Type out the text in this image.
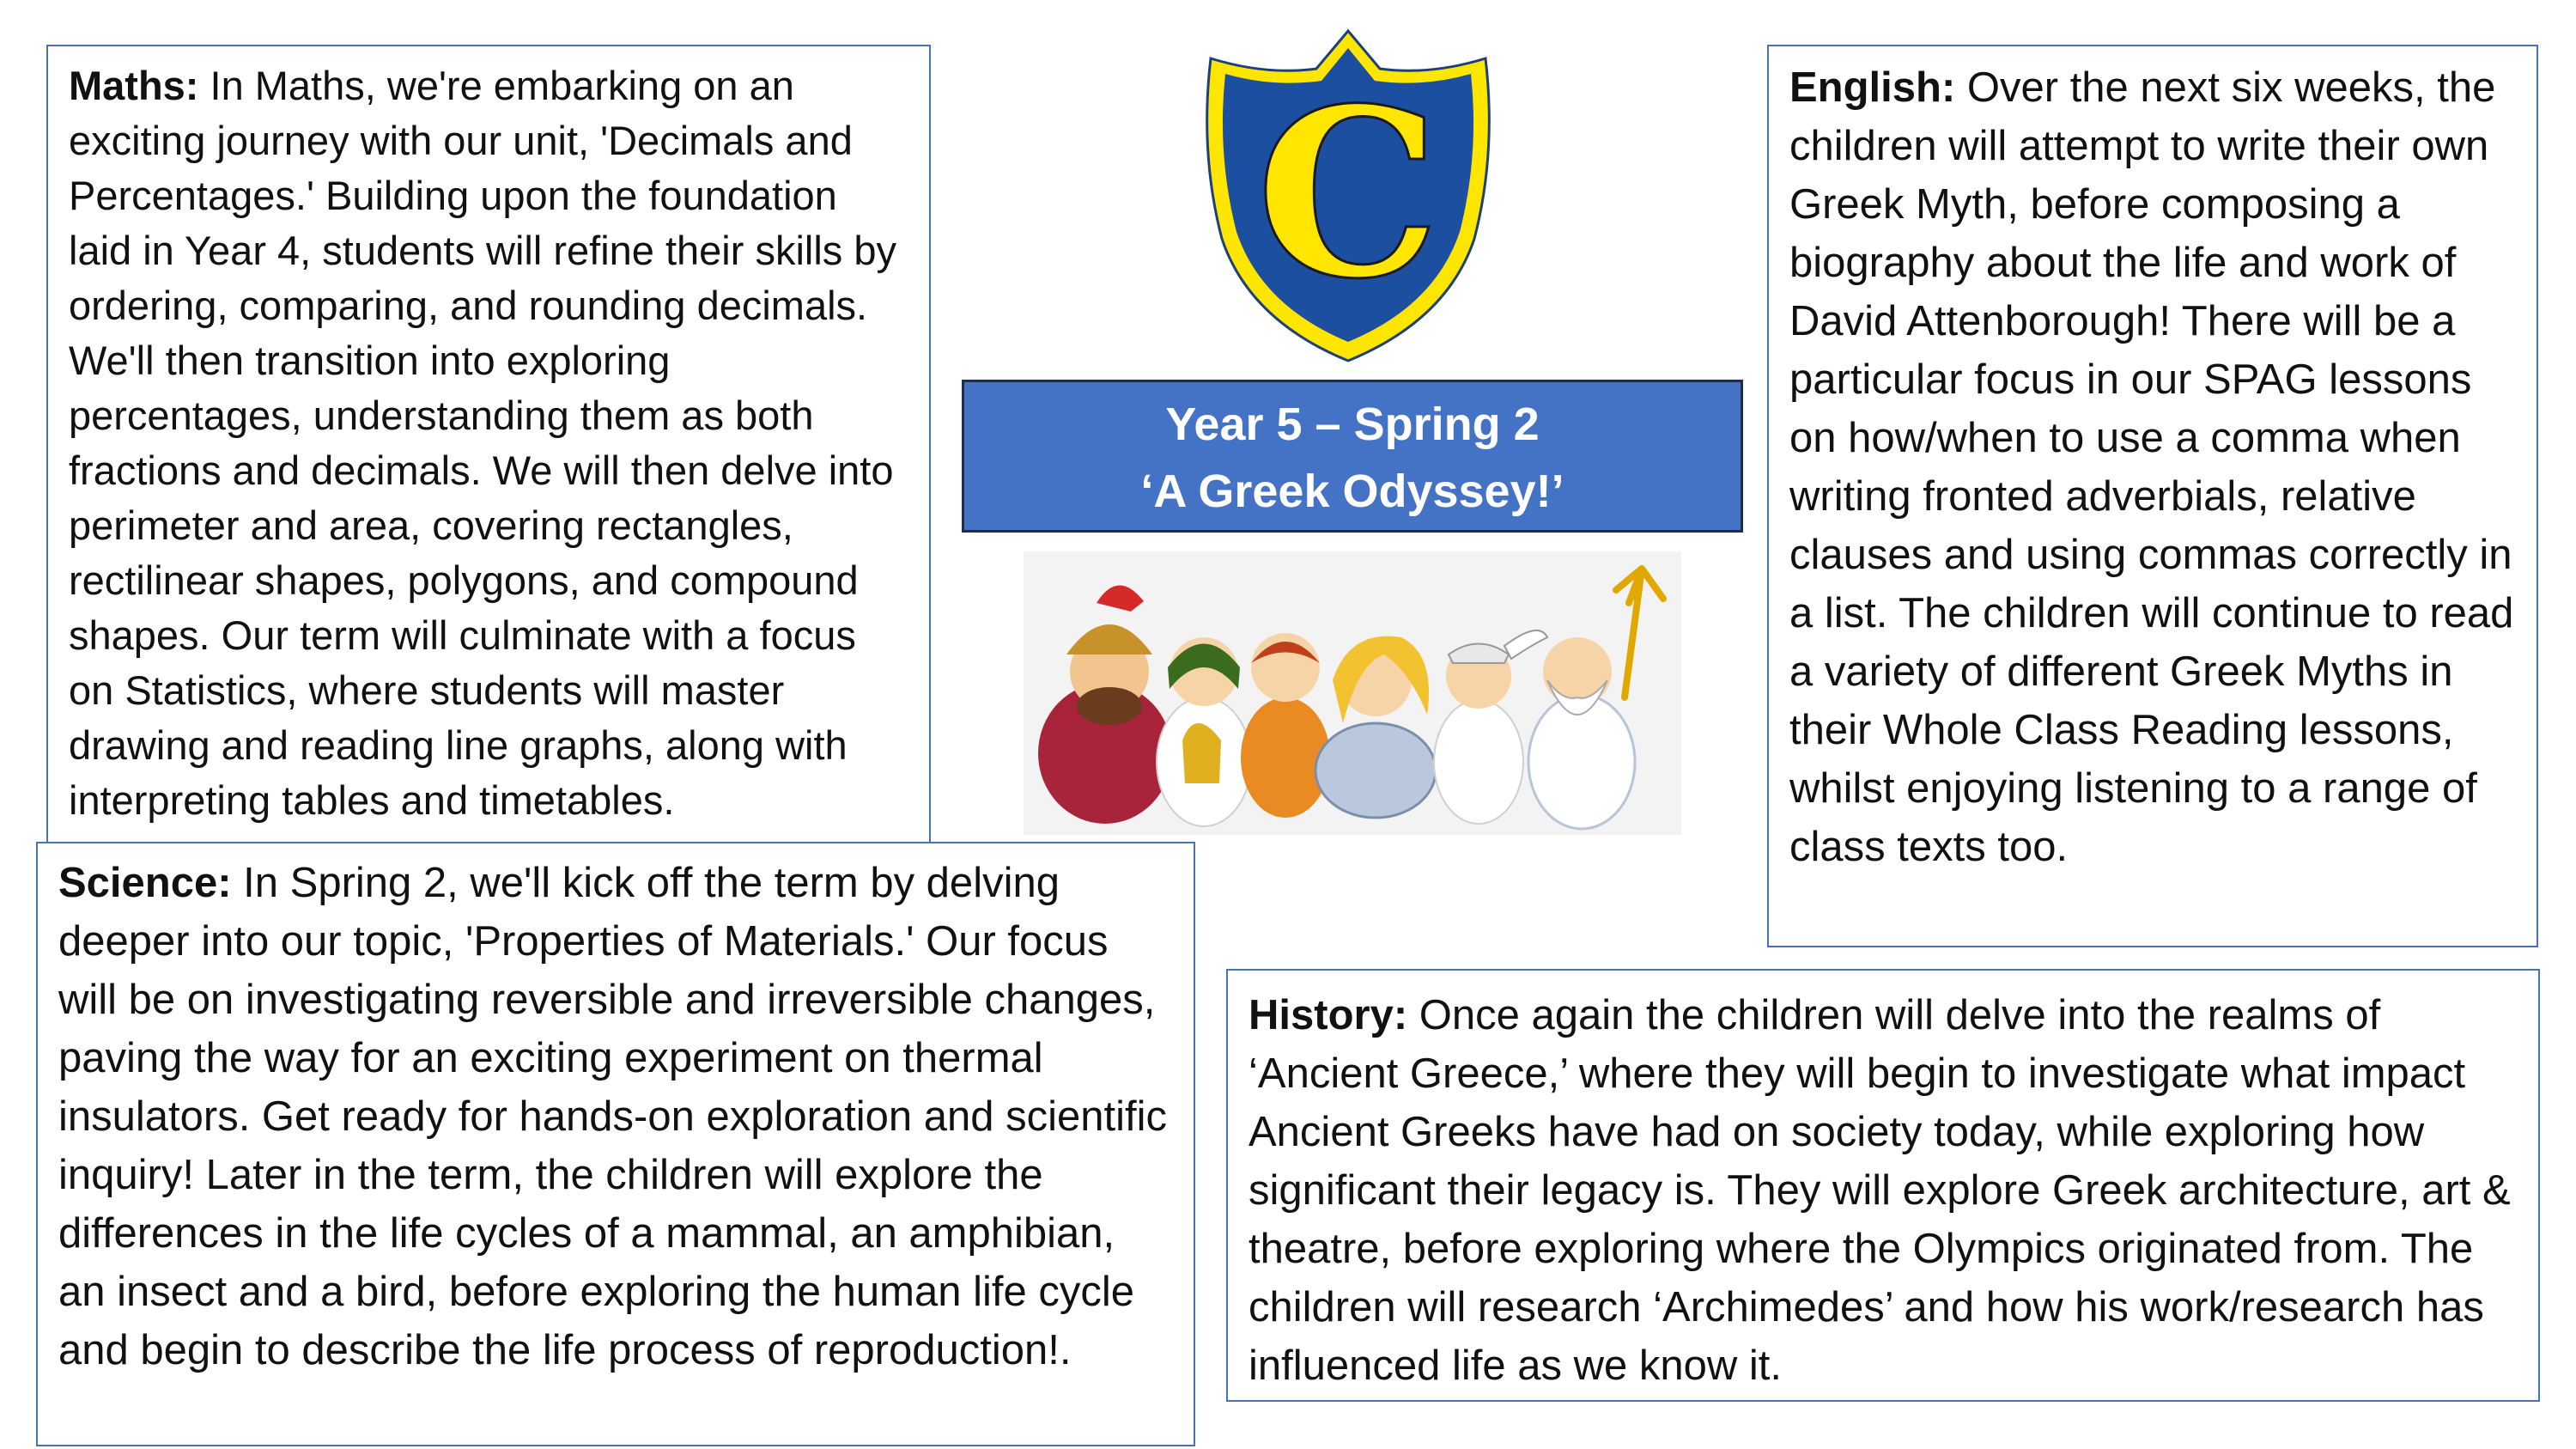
Maths: In Maths, we're embarking on an exciting journey with our unit, 'Decimals and Percentages.' Building upon the foundation laid in Year 4, students will refine their skills by ordering, comparing, and rounding decimals. We'll then transition into exploring percentages, understanding them as both fractions and decimals. We will then delve into perimeter and area, covering rectangles, rectilinear shapes, polygons, and compound shapes. Our term will culminate with a focus on Statistics, where students will master drawing and reading line graphs, along with interpreting tables and timetables.
C
Year 5 – Spring 2
‘A Greek Odyssey!’
English: Over the next six weeks, the children will attempt to write their own Greek Myth, before composing a biography about the life and work of David Attenborough! There will be a particular focus in our SPAG lessons on how/when to use a comma when writing fronted adverbials, relative clauses and using commas correctly in a list. The children will continue to read a variety of different Greek Myths in their Whole Class Reading lessons, whilst enjoying listening to a range of class texts too.
Science: In Spring 2, we'll kick off the term by delving deeper into our topic, 'Properties of Materials.' Our focus will be on investigating reversible and irreversible changes, paving the way for an exciting experiment on thermal insulators. Get ready for hands-on exploration and scientific inquiry! Later in the term, the children will explore the differences in the life cycles of a mammal, an amphibian, an insect and a bird, before exploring the human life cycle and begin to describe the life process of reproduction!.
History: Once again the children will delve into the realms of ‘Ancient Greece,’ where they will begin to investigate what impact Ancient Greeks have had on society today, while exploring how significant their legacy is. They will explore Greek architecture, art & theatre, before exploring where the Olympics originated from. The children will research ‘Archimedes’ and how his work/research has influenced life as we know it.
